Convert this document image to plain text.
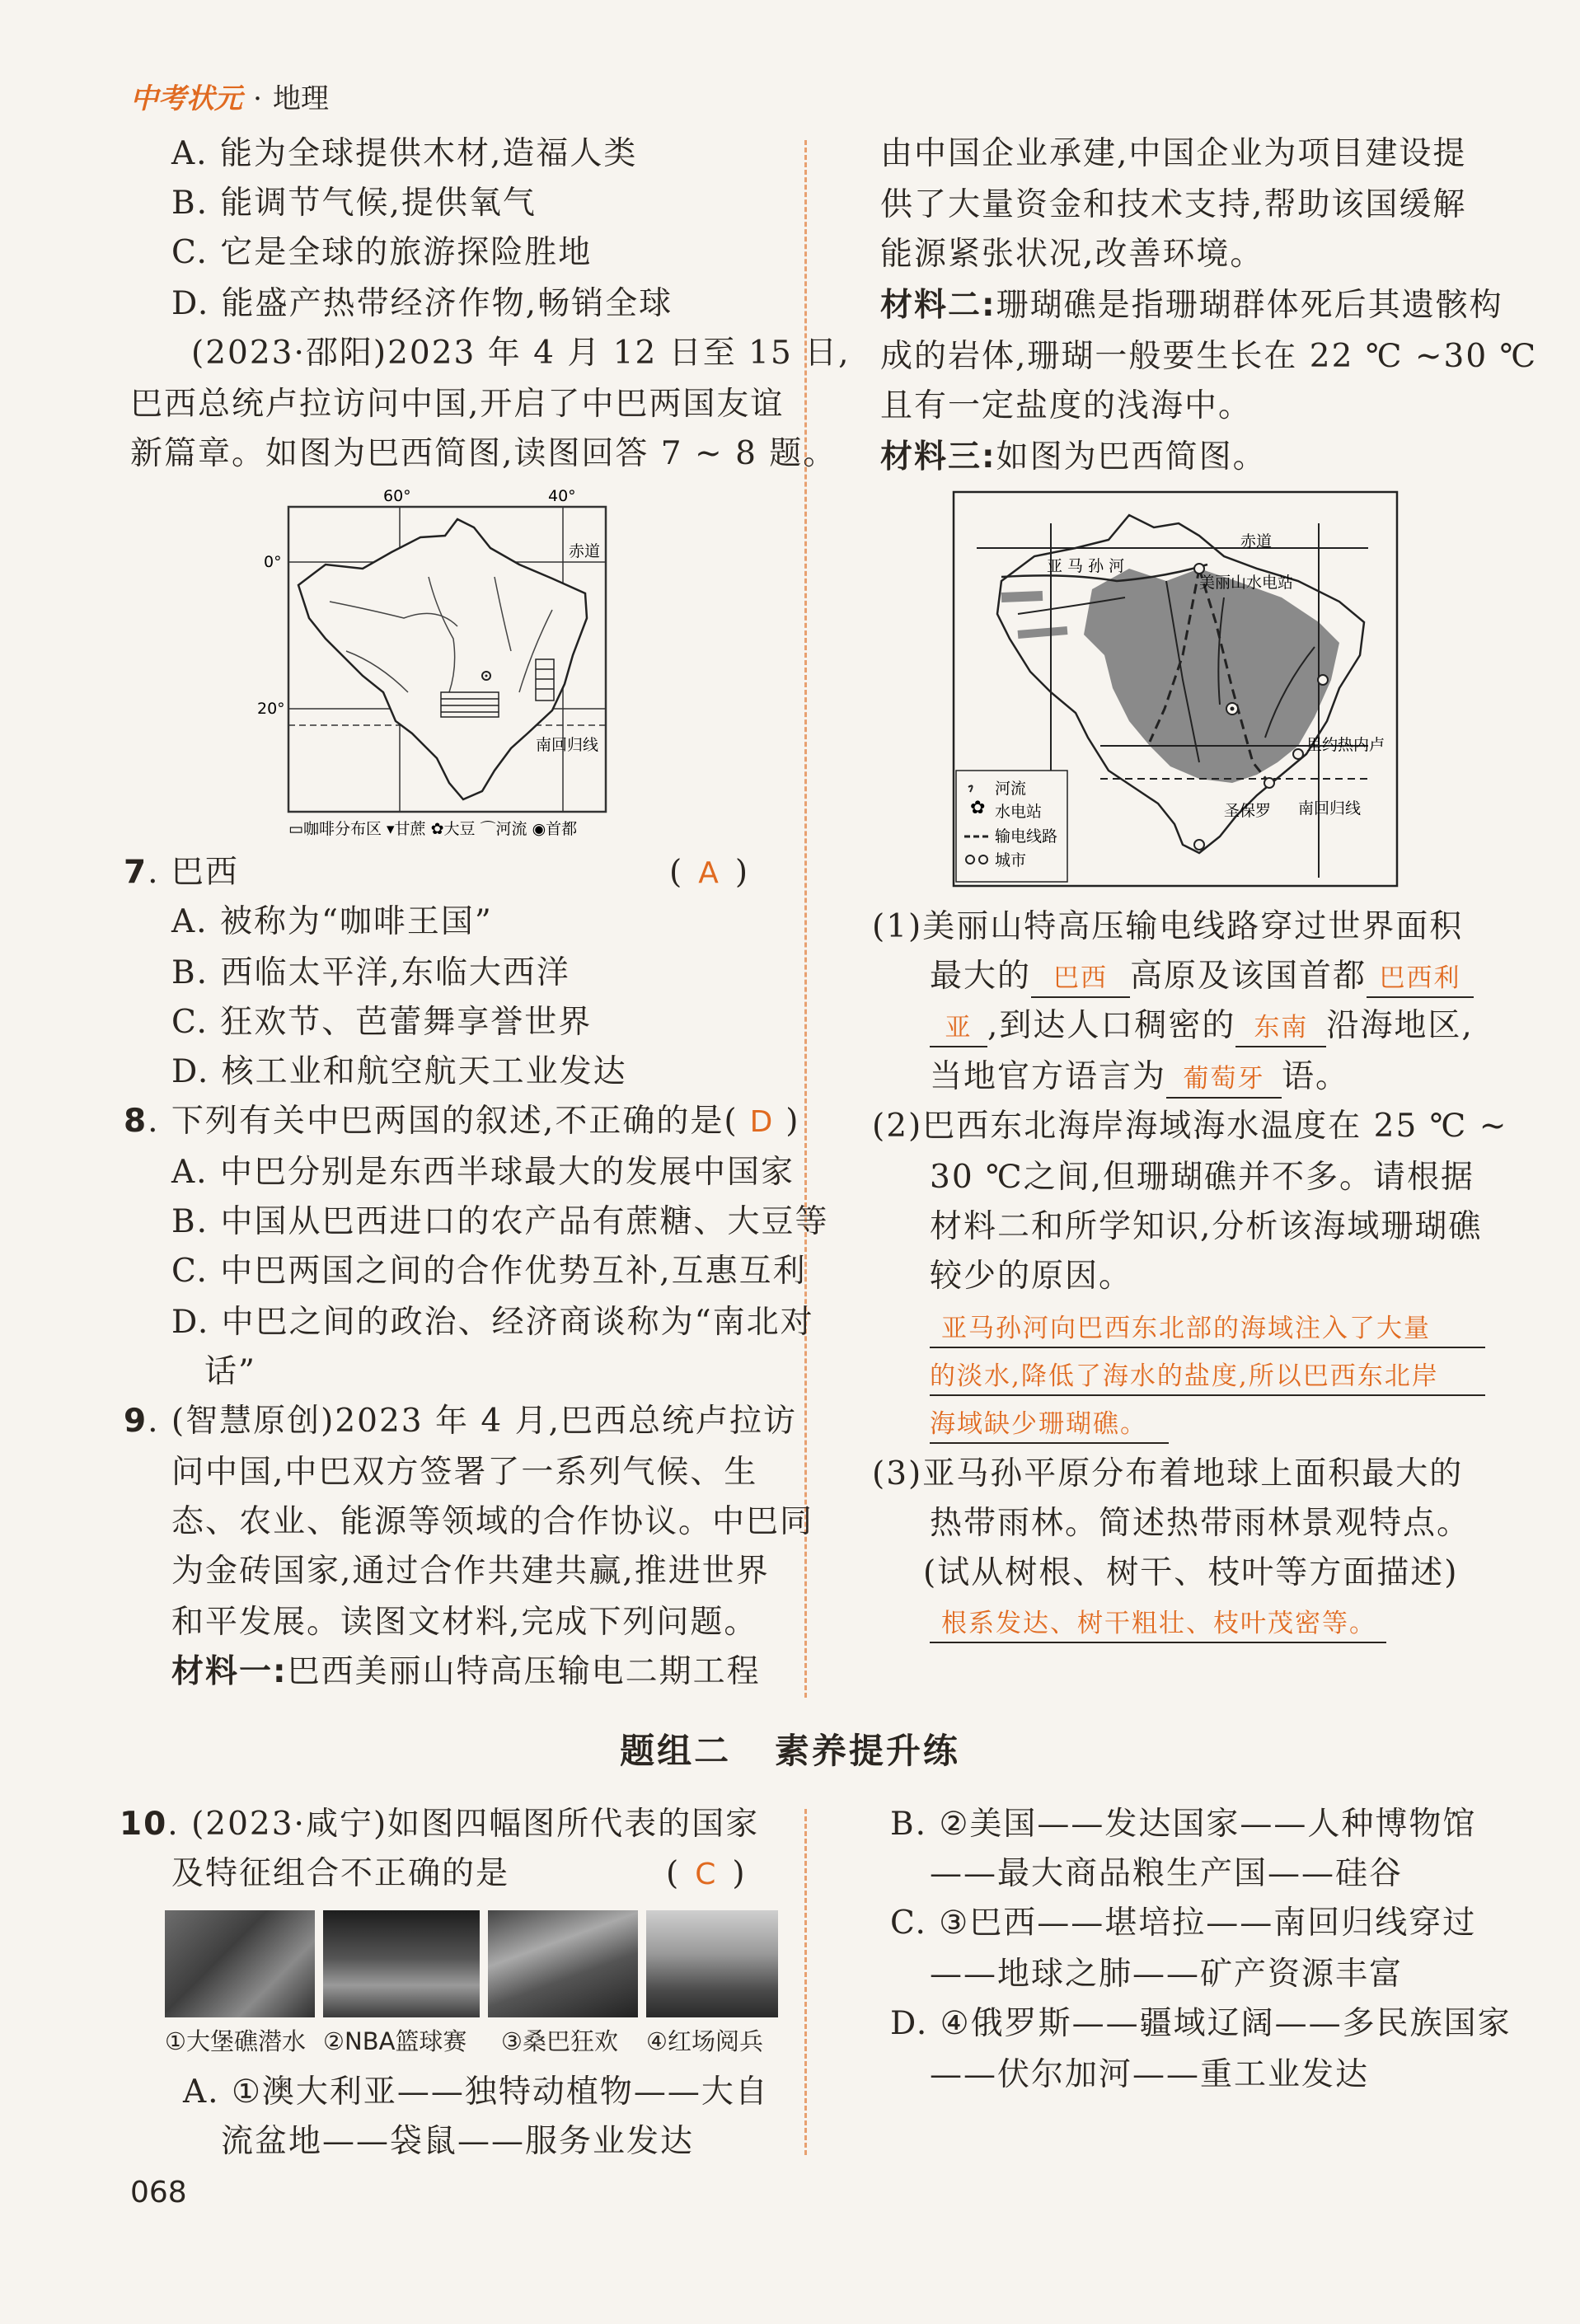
中考状元 · 地理
A. 能为全球提供木材,造福人类
B. 能调节气候,提供氧气
C. 它是全球的旅游探险胜地
D. 能盛产热带经济作物,畅销全球
(2023·邵阳)2023 年 4 月 12 日至 15 日,
巴西总统卢拉访问中国,开启了中巴两国友谊
新篇章。如图为巴西简图,读图回答 7 ~ 8 题。
60°	40°
0°
20°
赤道
南回归线
▭咖啡分布区 ▾甘蔗 ✿大豆 ⌒河流 ◉首都
7. 巴西	( A )
A. 被称为“咖啡王国”
B. 西临太平洋,东临大西洋
C. 狂欢节、芭蕾舞享誉世界
D. 核工业和航空航天工业发达
8. 下列有关中巴两国的叙述,不正确的是( D )
A. 中巴分别是东西半球最大的发展中国家
B. 中国从巴西进口的农产品有蔗糖、大豆等
C. 中巴两国之间的合作优势互补,互惠互利
D. 中巴之间的政治、经济商谈称为“南北对
话”
9. (智慧原创)2023 年 4 月,巴西总统卢拉访
问中国,中巴双方签署了一系列气候、生
态、农业、能源等领域的合作协议。中巴同
为金砖国家,通过合作共建共赢,推进世界
和平发展。读图文材料,完成下列问题。
材料一:巴西美丽山特高压输电二期工程
由中国企业承建,中国企业为项目建设提
供了大量资金和技术支持,帮助该国缓解
能源紧张状况,改善环境。
材料二:珊瑚礁是指珊瑚群体死后其遗骸构
成的岩体,珊瑚一般要生长在 22 ℃ ~30 ℃
且有一定盐度的浅海中。
材料三:如图为巴西简图。
赤道
亚 马 孙 河
美丽山水电站
里约热内卢
圣保罗 南回归线
✿
河流
水电站
输电线路
城市
(1)美丽山特高压输电线路穿过世界面积
最大的 巴西 高原及该国首都 巴西利
亚 ,到达人口稠密的 东南 沿海地区,
当地官方语言为 葡萄牙 语。
(2)巴西东北海岸海域海水温度在 25 ℃ ~
30 ℃之间,但珊瑚礁并不多。请根据
材料二和所学知识,分析该海域珊瑚礁
较少的原因。
亚马孙河向巴西东北部的海域注入了大量
的淡水,降低了海水的盐度,所以巴西东北岸
海域缺少珊瑚礁。
(3)亚马孙平原分布着地球上面积最大的
热带雨林。简述热带雨林景观特点。
(试从树根、树干、枝叶等方面描述)
根系发达、树干粗壮、枝叶茂密等。
题组二   素养提升练
10. (2023·咸宁)如图四幅图所代表的国家
及特征组合不正确的是	( C )
①大堡礁潜水 ②NBA篮球赛 ③桑巴狂欢 ④红场阅兵
A. ①澳大利亚——独特动植物——大自
流盆地——袋鼠——服务业发达
B. ②美国——发达国家——人种博物馆
——最大商品粮生产国——硅谷
C. ③巴西——堪培拉——南回归线穿过
——地球之肺——矿产资源丰富
D. ④俄罗斯——疆域辽阔——多民族国家
——伏尔加河——重工业发达
068
